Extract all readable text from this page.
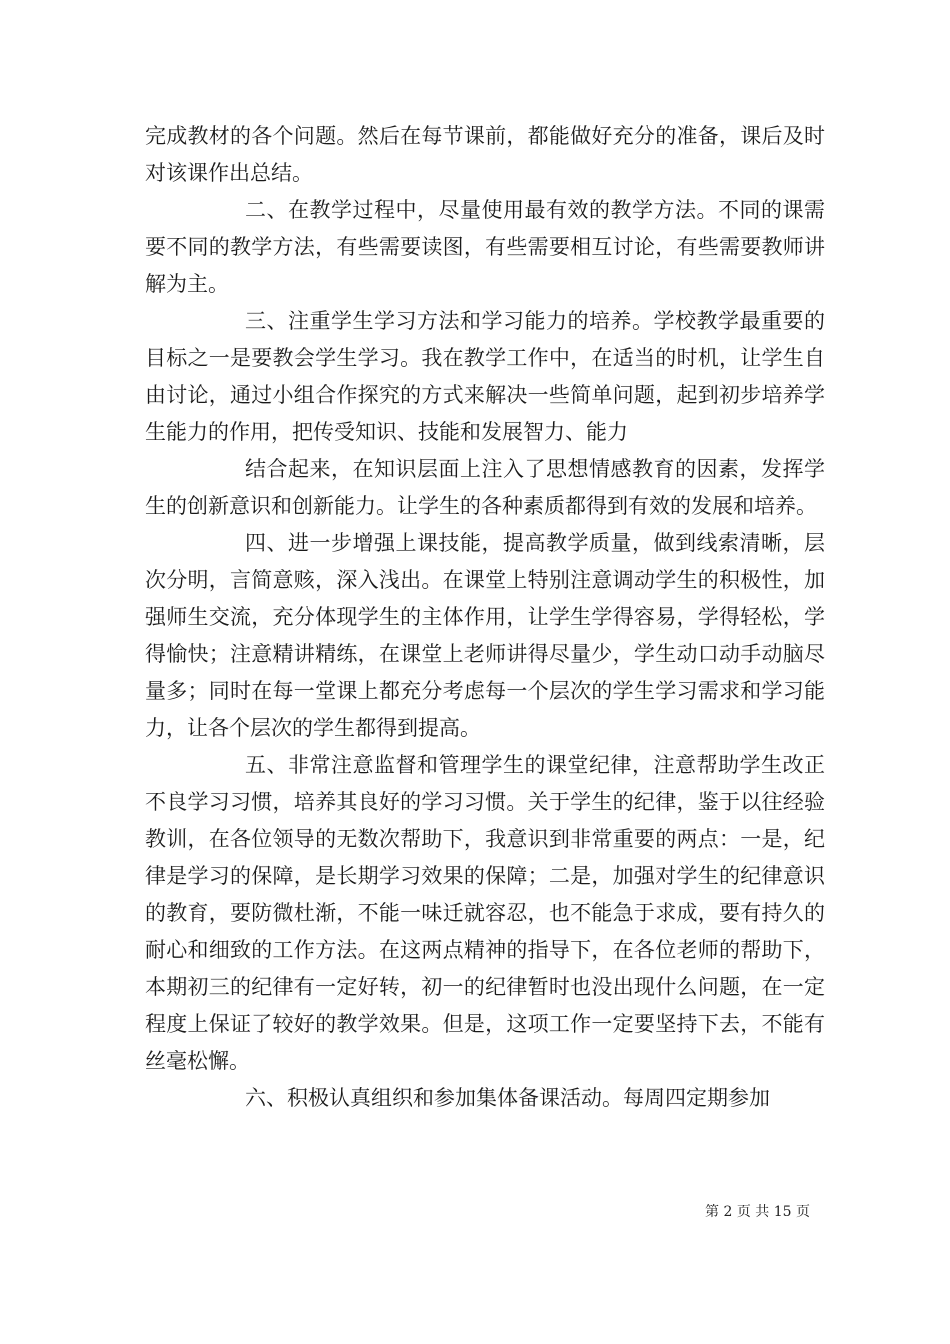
完成教材的各个问题。然后在每节课前，都能做好充分的准备，课后及时对该课作出总结。

二、在教学过程中，尽量使用最有效的教学方法。不同的课需要不同的教学方法，有些需要读图，有些需要相互讨论，有些需要教师讲解为主。

三、注重学生学习方法和学习能力的培养。学校教学最重要的目标之一是要教会学生学习。我在教学工作中，在适当的时机，让学生自由讨论，通过小组合作探究的方式来解决一些简单问题，起到初步培养学生能力的作用，把传受知识、技能和发展智力、能力

结合起来，在知识层面上注入了思想情感教育的因素，发挥学生的创新意识和创新能力。让学生的各种素质都得到有效的发展和培养。

四、进一步增强上课技能，提高教学质量，做到线索清晰，层次分明，言简意赅，深入浅出。在课堂上特别注意调动学生的积极性，加强师生交流，充分体现学生的主体作用，让学生学得容易，学得轻松，学得愉快；注意精讲精练，在课堂上老师讲得尽量少，学生动口动手动脑尽量多；同时在每一堂课上都充分考虑每一个层次的学生学习需求和学习能力，让各个层次的学生都得到提高。

五、非常注意监督和管理学生的课堂纪律，注意帮助学生改正不良学习习惯，培养其良好的学习习惯。关于学生的纪律，鉴于以往经验教训，在各位领导的无数次帮助下，我意识到非常重要的两点：一是，纪律是学习的保障，是长期学习效果的保障；二是，加强对学生的纪律意识的教育，要防微杜渐，不能一味迁就容忍，也不能急于求成，要有持久的耐心和细致的工作方法。在这两点精神的指导下，在各位老师的帮助下，本期初三的纪律有一定好转，初一的纪律暂时也没出现什么问题，在一定程度上保证了较好的教学效果。但是，这项工作一定要坚持下去，不能有丝毫松懈。

六、积极认真组织和参加集体备课活动。每周四定期参加

第 2 页 共 15 页
